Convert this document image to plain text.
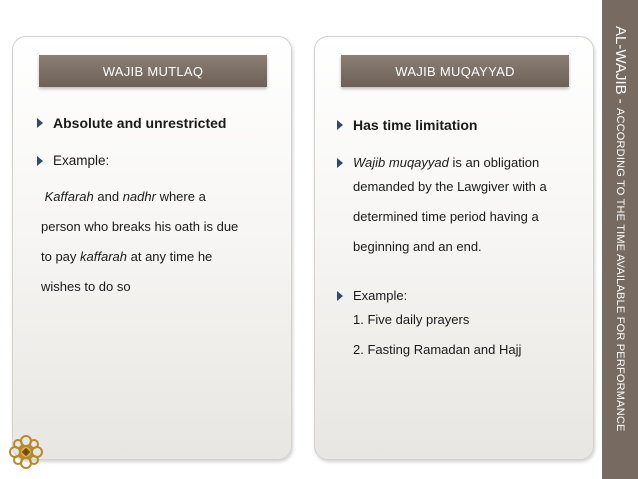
WAJIB MUTLAQ
Absolute and unrestricted
Example:
Kaffarah and nadhr where a
person who breaks his oath is due
to pay kaffarah at any time he
wishes to do so
WAJIB MUQAYYAD
Has time limitation
Wajib muqayyad is an obligation
demanded by the Lawgiver with a
determined time period having a
beginning and an end.
Example:
1. Five daily prayers
2. Fasting Ramadan and Hajj
AL-WAJIB - ACCORDING TO THE TIME AVAILABLE FOR PERFORMANCE
